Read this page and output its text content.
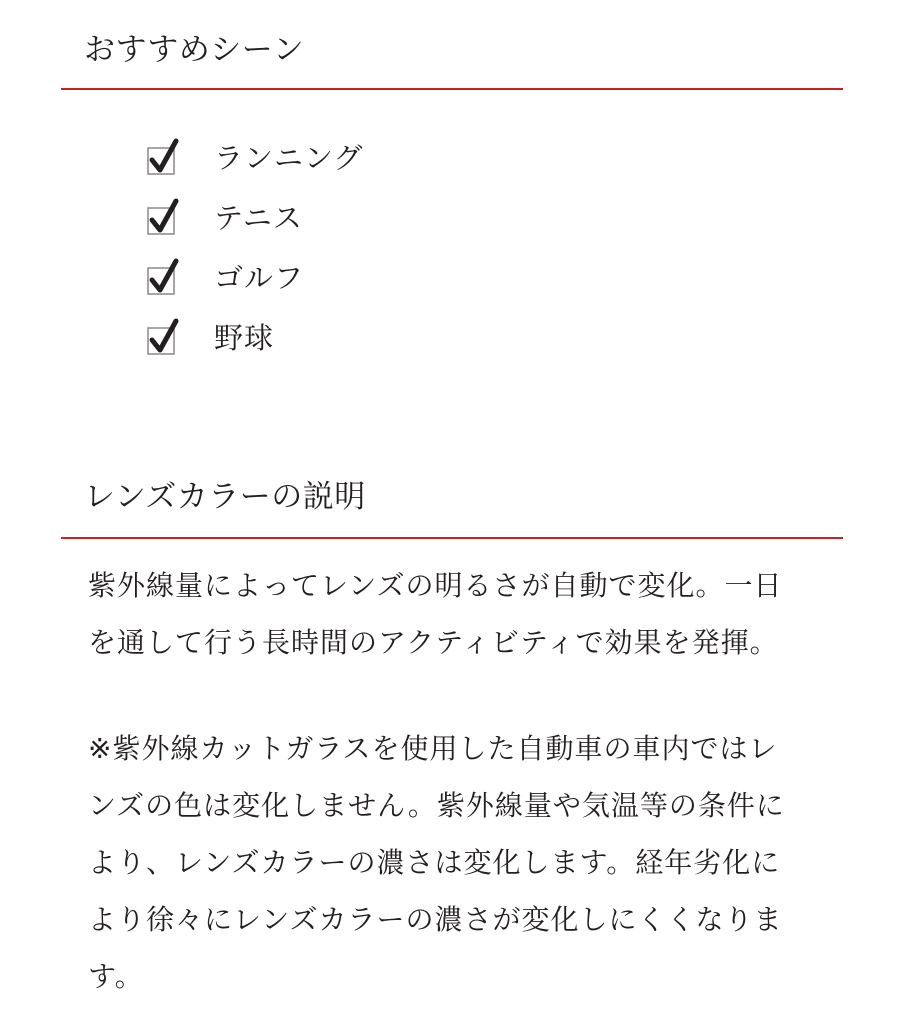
おすすめシーン
ランニング
テニス
ゴルフ
野球
レンズカラーの説明
紫外線量によってレンズの明るさが自動で変化。一日
を通して行う長時間のアクティビティで効果を発揮。
※紫外線カットガラスを使用した自動車の車内ではレ
ンズの色は変化しません。紫外線量や気温等の条件に
より、レンズカラーの濃さは変化します。経年劣化に
より徐々にレンズカラーの濃さが変化しにくくなりま
す。
